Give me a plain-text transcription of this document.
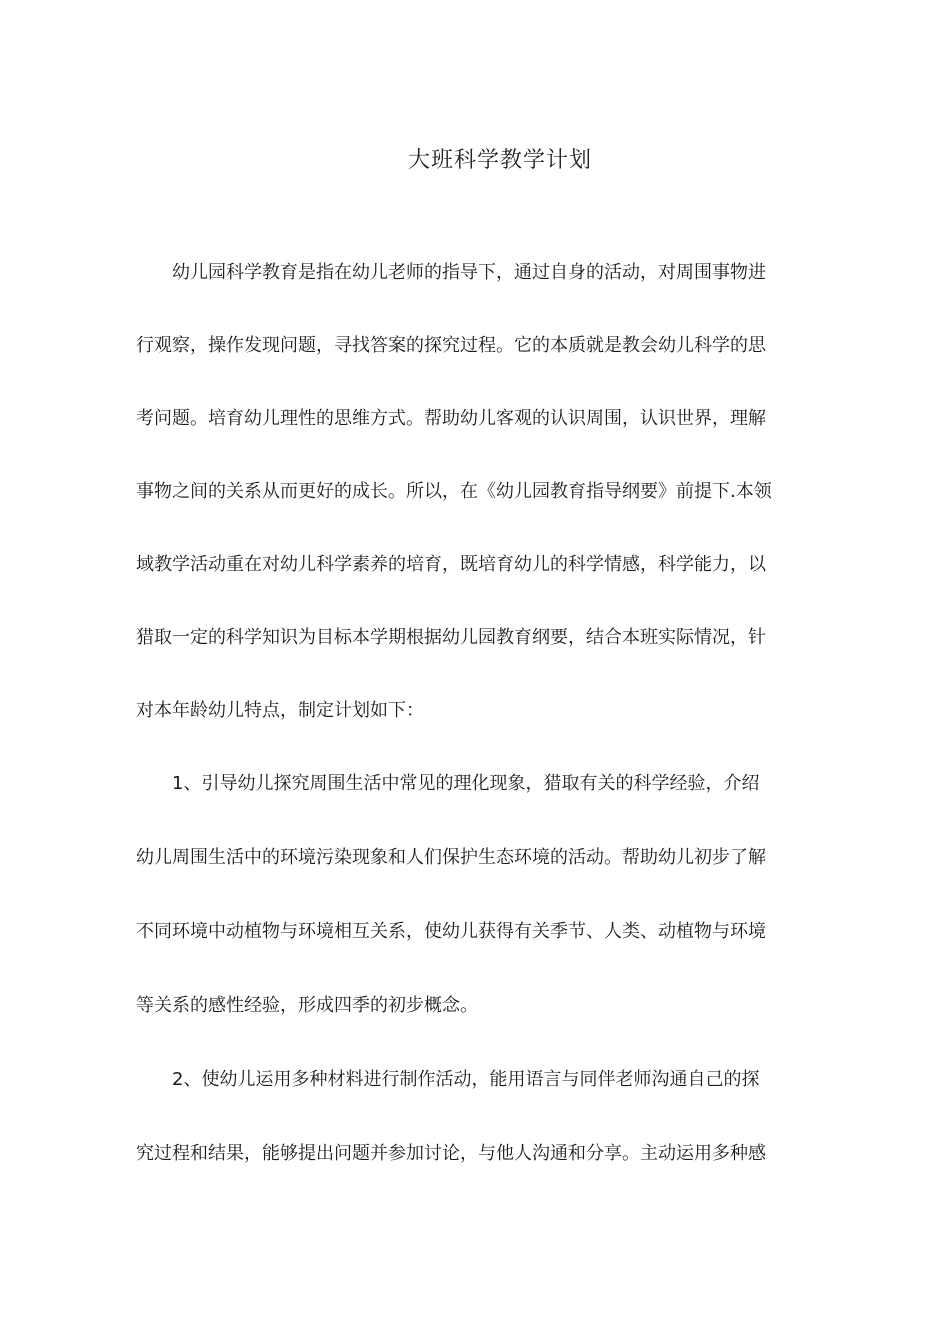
大班科学教学计划

幼儿园科学教育是指在幼儿老师的指导下，通过自身的活动，对周围事物进
行观察，操作发现问题，寻找答案的探究过程。它的本质就是教会幼儿科学的思
考问题。培育幼儿理性的思维方式。帮助幼儿客观的认识周围，认识世界，理解
事物之间的关系从而更好的成长。所以，在《幼儿园教育指导纲要》前提下.本领
域教学活动重在对幼儿科学素养的培育，既培育幼儿的科学情感，科学能力，以
猎取一定的科学知识为目标本学期根据幼儿园教育纲要，结合本班实际情况，针
对本年龄幼儿特点，制定计划如下：

1、引导幼儿探究周围生活中常见的理化现象，猎取有关的科学经验，介绍
幼儿周围生活中的环境污染现象和人们保护生态环境的活动。帮助幼儿初步了解
不同环境中动植物与环境相互关系，使幼儿获得有关季节、人类、动植物与环境
等关系的感性经验，形成四季的初步概念。

2、使幼儿运用多种材料进行制作活动，能用语言与同伴老师沟通自己的探
究过程和结果，能够提出问题并参加讨论，与他人沟通和分享。主动运用多种感
